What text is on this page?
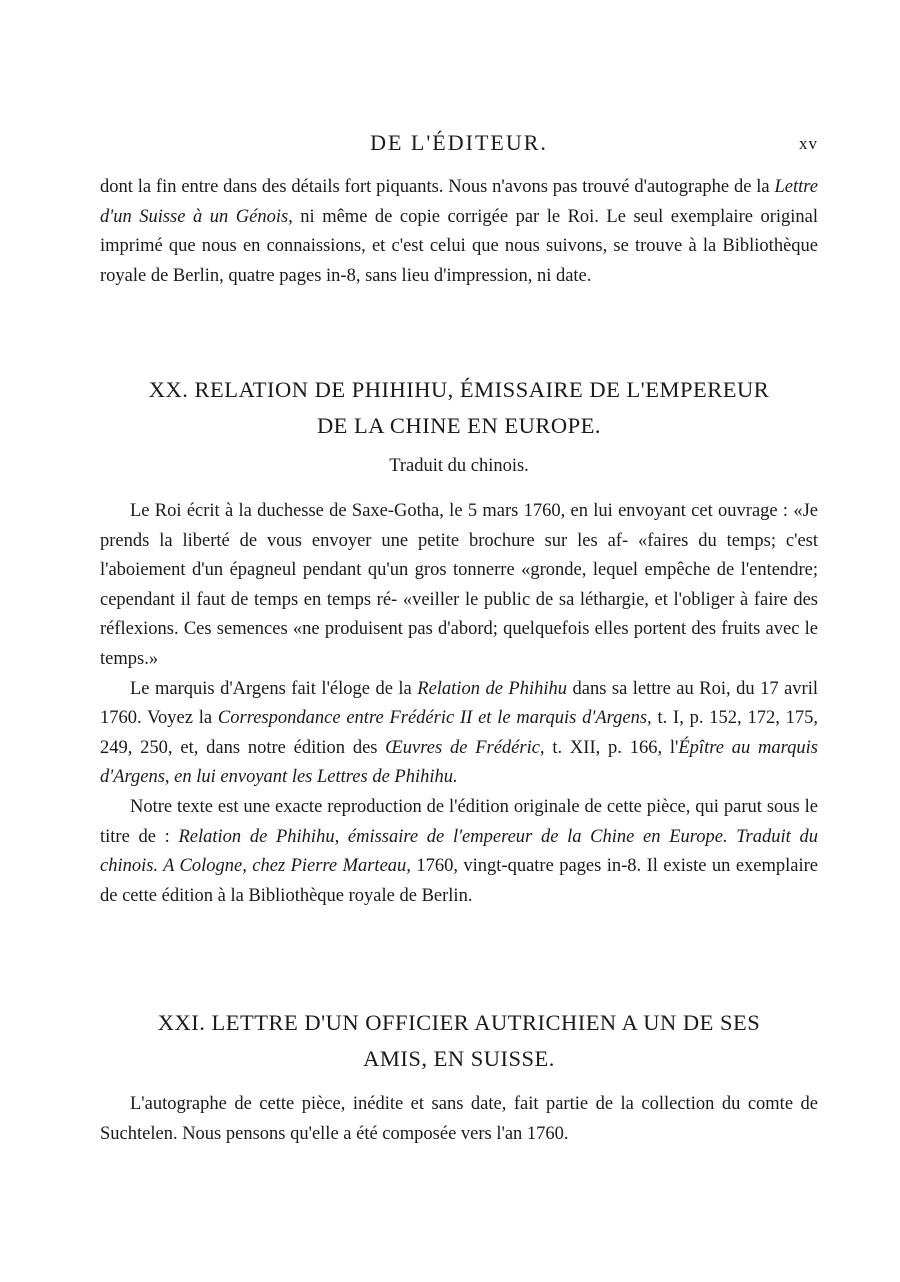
DE L'ÉDITEUR.	xv

dont la fin entre dans des détails fort piquants. Nous n'avons pas trouvé d'autographe de la Lettre d'un Suisse à un Génois, ni même de copie corrigée par le Roi. Le seul exemplaire original imprimé que nous en connaissions, et c'est celui que nous suivons, se trouve à la Bibliothèque royale de Berlin, quatre pages in-8, sans lieu d'impression, ni date.

XX. RELATION DE PHIHIHU, ÉMISSAIRE DE L'EMPEREUR
DE LA CHINE EN EUROPE.
Traduit du chinois.

Le Roi écrit à la duchesse de Saxe-Gotha, le 5 mars 1760, en lui envoyant cet ouvrage : «Je prends la liberté de vous envoyer une petite brochure sur les af- «faires du temps; c'est l'aboiement d'un épagneul pendant qu'un gros tonnerre «gronde, lequel empêche de l'entendre; cependant il faut de temps en temps ré- «veiller le public de sa léthargie, et l'obliger à faire des réflexions. Ces semences «ne produisent pas d'abord; quelquefois elles portent des fruits avec le temps.»

Le marquis d'Argens fait l'éloge de la Relation de Phihihu dans sa lettre au Roi, du 17 avril 1760. Voyez la Correspondance entre Frédéric II et le marquis d'Argens, t. I, p. 152, 172, 175, 249, 250, et, dans notre édition des Œuvres de Frédéric, t. XII, p. 166, l'Épître au marquis d'Argens, en lui envoyant les Lettres de Phihihu.

Notre texte est une exacte reproduction de l'édition originale de cette pièce, qui parut sous le titre de : Relation de Phihihu, émissaire de l'empereur de la Chine en Europe. Traduit du chinois. A Cologne, chez Pierre Marteau, 1760, vingt-quatre pages in-8. Il existe un exemplaire de cette édition à la Bibliothèque royale de Berlin.

XXI. LETTRE D'UN OFFICIER AUTRICHIEN A UN DE SES
AMIS, EN SUISSE.

L'autographe de cette pièce, inédite et sans date, fait partie de la collection du comte de Suchtelen. Nous pensons qu'elle a été composée vers l'an 1760.
